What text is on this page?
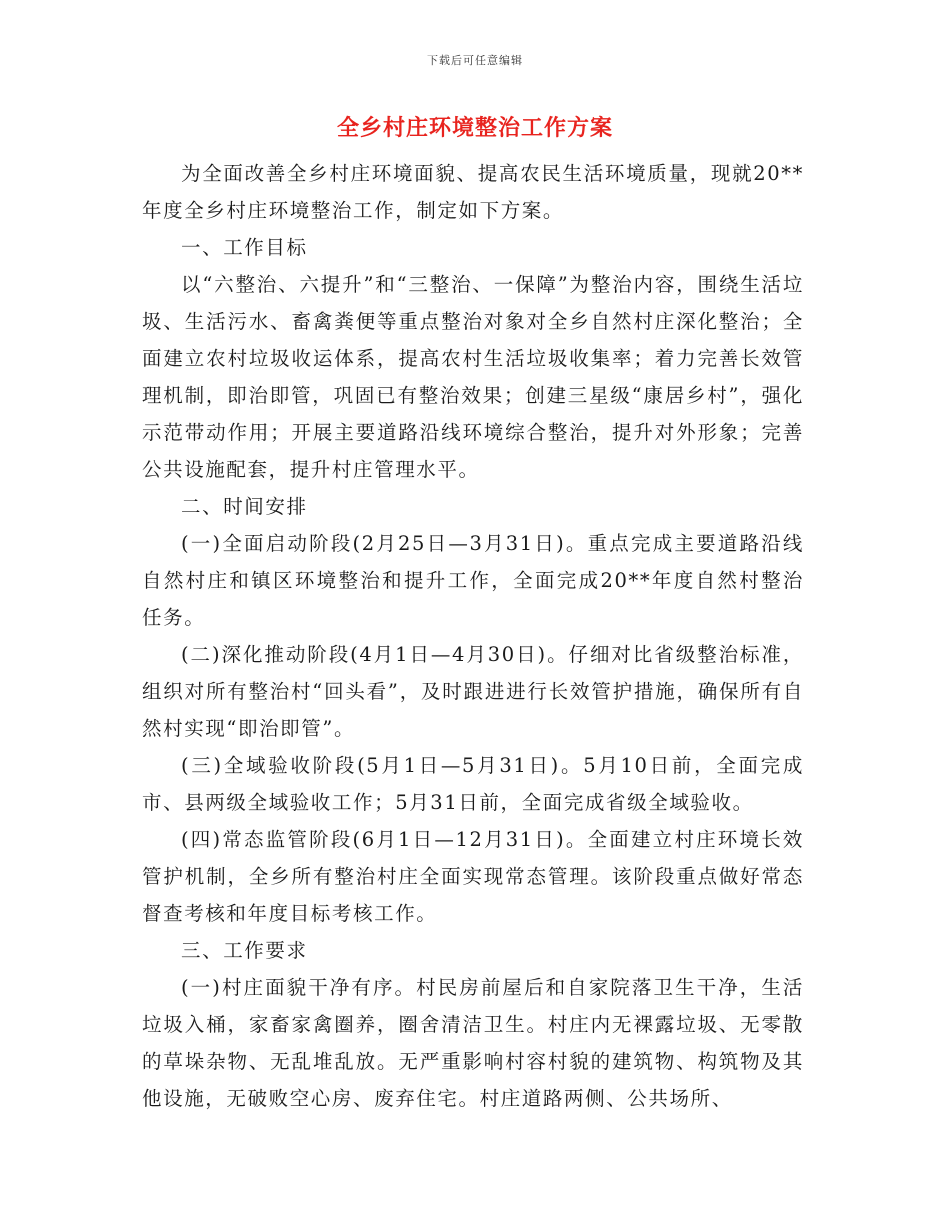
下载后可任意编辑
全乡村庄环境整治工作方案

为全面改善全乡村庄环境面貌、提高农民生活环境质量，现就20**年度全乡村庄环境整治工作，制定如下方案。

一、工作目标

以“六整治、六提升”和“三整治、一保障”为整治内容，围绕生活垃圾、生活污水、畜禽粪便等重点整治对象对全乡自然村庄深化整治；全面建立农村垃圾收运体系，提高农村生活垃圾收集率；着力完善长效管理机制，即治即管，巩固已有整治效果；创建三星级“康居乡村”，强化示范带动作用；开展主要道路沿线环境综合整治，提升对外形象；完善公共设施配套，提升村庄管理水平。

二、时间安排

(一)全面启动阶段(2月25日—3月31日)。重点完成主要道路沿线自然村庄和镇区环境整治和提升工作，全面完成20**年度自然村整治任务。

(二)深化推动阶段(4月1日—4月30日)。仔细对比省级整治标准，组织对所有整治村“回头看”，及时跟进进行长效管护措施，确保所有自然村实现“即治即管”。

(三)全域验收阶段(5月1日—5月31日)。5月10日前，全面完成市、县两级全域验收工作；5月31日前，全面完成省级全域验收。

(四)常态监管阶段(6月1日—12月31日)。全面建立村庄环境长效管护机制，全乡所有整治村庄全面实现常态管理。该阶段重点做好常态督查考核和年度目标考核工作。

三、工作要求

(一)村庄面貌干净有序。村民房前屋后和自家院落卫生干净，生活垃圾入桶，家畜家禽圈养，圈舍清洁卫生。村庄内无裸露垃圾、无零散的草垛杂物、无乱堆乱放。无严重影响村容村貌的建筑物、构筑物及其他设施，无破败空心房、废弃住宅。村庄道路两侧、公共场所、
